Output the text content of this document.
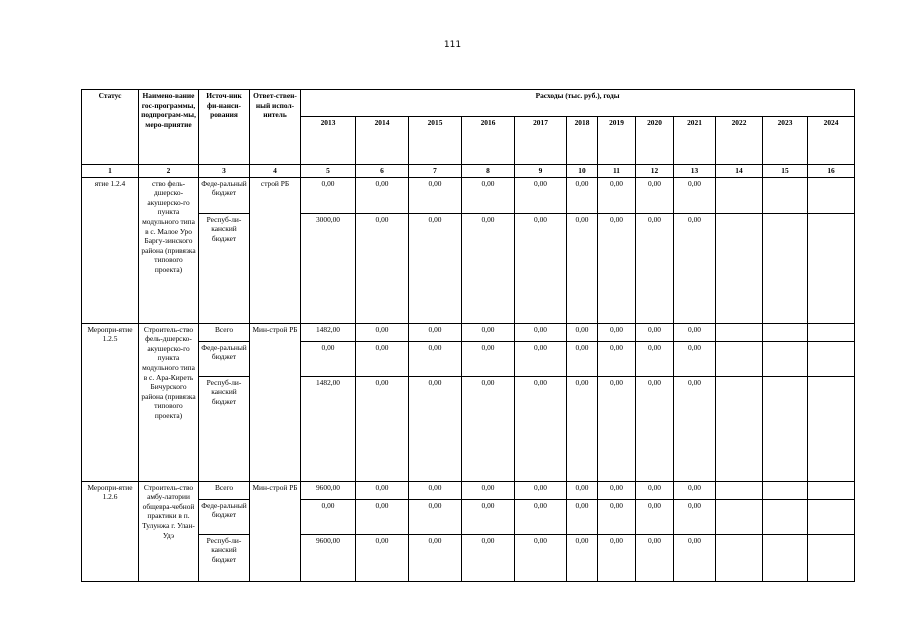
111
Статус	Наимено-вание гос-программы, подпрограм-мы, меро-приятие	Источ-ник фи-нанси-рования	Ответ-ствен-ный испол-нитель	Расходы (тыс. руб.), годы											
				2013	2014	2015	2016	2017	2018	2019	2020	2021	2022	2023	2024
1	2	3	4	5	6	7	8	9	10	11	12	13	14	15	16
ятие 1.2.4	ство фель-дшерско-акушерско-го пункта модульного типа в с. Малое Уро Баргу-зинского района (привязка типового проекта)	Феде-ральный бюджет	строй РБ	0,00	0,00	0,00	0,00	0,00	0,00	0,00	0,00	0,00			
		Респуб-ли-канский бюджет		3000,00	0,00	0,00	0,00	0,00	0,00	0,00	0,00	0,00			
Меропри-ятие 1.2.5	Строитель-ство фель-дшерско-акушерско-го пункта модульного типа в с. Ара-Киреть Бичурского района (привязка типового проекта)	Всего	Мин-строй РБ	1482,00	0,00	0,00	0,00	0,00	0,00	0,00	0,00	0,00			
		Феде-ральный бюджет		0,00	0,00	0,00	0,00	0,00	0,00	0,00	0,00	0,00			
		Респуб-ли-канский бюджет		1482,00	0,00	0,00	0,00	0,00	0,00	0,00	0,00	0,00			
Меропри-ятие 1.2.6	Строитель-ство амбу-латории общевра-чебной практики в п. Тулунжа г. Улан-Удэ	Всего	Мин-строй РБ	9600,00	0,00	0,00	0,00	0,00	0,00	0,00	0,00	0,00			
		Феде-ральный бюджет		0,00	0,00	0,00	0,00	0,00	0,00	0,00	0,00	0,00			
		Респуб-ли-канский бюджет		9600,00	0,00	0,00	0,00	0,00	0,00	0,00	0,00	0,00			
